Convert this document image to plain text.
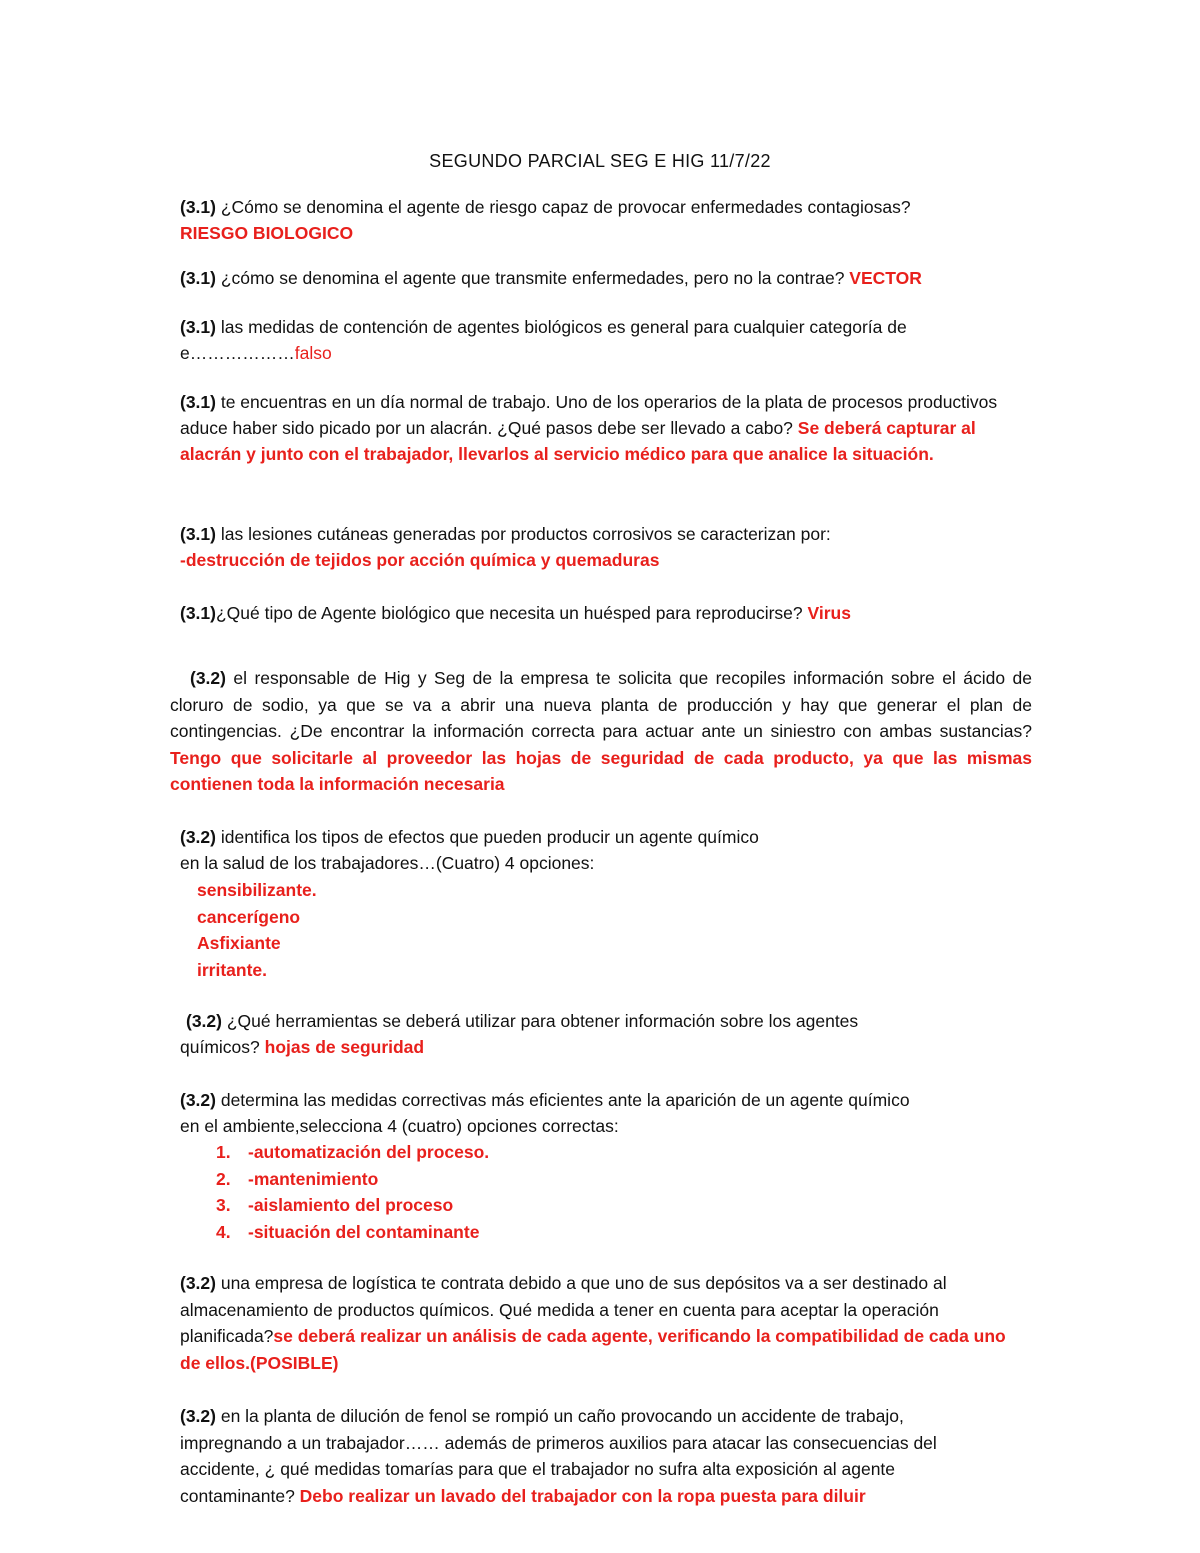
SEGUNDO PARCIAL SEG E HIG 11/7/22
(3.1) ¿Cómo se denomina el agente de riesgo capaz de provocar enfermedades contagiosas?
RIESGO BIOLOGICO
(3.1) ¿cómo se denomina el agente que transmite enfermedades, pero no la contrae? VECTOR
(3.1) las medidas de contención de agentes biológicos es general para cualquier categoría de
e………………falso
(3.1) te encuentras en un día normal de trabajo. Uno de los operarios de la plata de procesos productivos aduce haber sido picado por un alacrán. ¿Qué pasos debe ser llevado a cabo? Se deberá capturar al alacrán y junto con el trabajador, llevarlos al servicio médico para que analice la situación.
(3.1) las lesiones cutáneas generadas por productos corrosivos se caracterizan por:
-destrucción de tejidos por acción química y quemaduras
(3.1)¿Qué tipo de Agente biológico que necesita un huésped para reproducirse? Virus
(3.2) el responsable de Hig y Seg de la empresa te solicita que recopiles información sobre el ácido de cloruro de sodio, ya que se va a abrir una nueva planta de producción y hay que generar el plan de contingencias. ¿De encontrar la información correcta para actuar ante un siniestro con ambas sustancias? Tengo que solicitarle al proveedor las hojas de seguridad de cada producto, ya que las mismas contienen toda la información necesaria
(3.2) identifica los tipos de efectos que pueden producir un agente químico
en la salud de los trabajadores…(Cuatro) 4 opciones:
sensibilizante.
cancerígeno
Asfixiante
irritante.
(3.2) ¿Qué herramientas se deberá utilizar para obtener información sobre los agentes
químicos? hojas de seguridad
(3.2) determina las medidas correctivas más eficientes ante la aparición de un agente químico
en el ambiente,selecciona 4 (cuatro) opciones correctas:
1. -automatización del proceso.
2. -mantenimiento
3. -aislamiento del proceso
4. -situación del contaminante
(3.2) una empresa de logística te contrata debido a que uno de sus depósitos va a ser destinado al almacenamiento de productos químicos. Qué medida a tener en cuenta para aceptar la operación planificada?se deberá realizar un análisis de cada agente, verificando la compatibilidad de cada uno de ellos.(POSIBLE)
(3.2) en la planta de dilución de fenol se rompió un caño provocando un accidente de trabajo, impregnando a un trabajador…… además de primeros auxilios para atacar las consecuencias del accidente, ¿ qué medidas tomarías para que el trabajador no sufra alta exposición al agente contaminante? Debo realizar un lavado del trabajador con la ropa puesta para diluir
